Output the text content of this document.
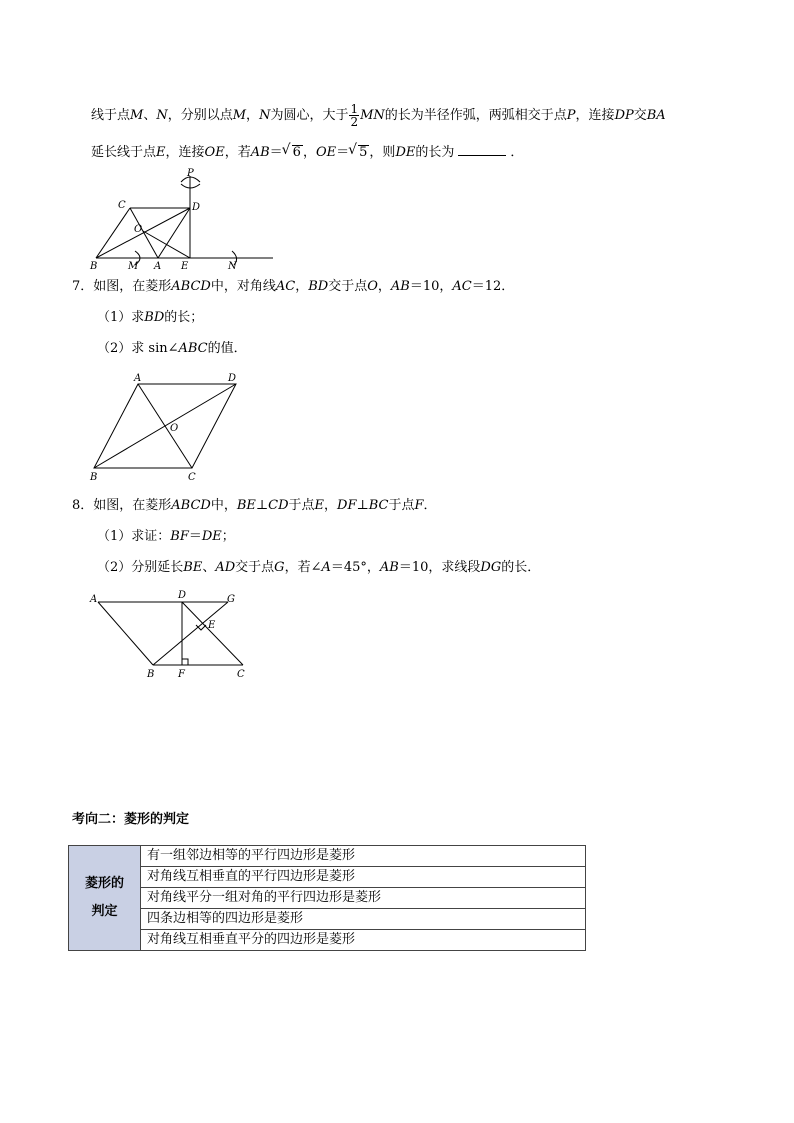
线于点M、N，分别以点M，N为圆心，大于 $\frac{1}{2}$ MN的长为半径作弧，两弧相交于点P，连接DP交BA
延长线于点E，连接OE，若AB＝ √ 6 ，OE＝ √ 5 ，则DE的长为	．
P
C	D
O
B	M A E	N
7．如图，在菱形ABCD中，对角线AC，BD交于点O，AB＝10，AC＝12．
（1）求BD的长；
（2）求 sin∠ABC的值．
A	D
O
B	C
8．如图，在菱形ABCD中，BE⊥CD于点E，DF⊥BC于点F．
（1）求证：BF＝DE；
（2）分别延长BE、AD交于点G，若∠A＝45°，AB＝10，求线段DG的长．
A	D	G
E
B F	C
考向二：菱形的判定
菱形的
判定
	有一组邻边相等的平行四边形是菱形
对角线互相垂直的平行四边形是菱形
对角线平分一组对角的平行四边形是菱形
四条边相等的四边形是菱形
对角线互相垂直平分的四边形是菱形
